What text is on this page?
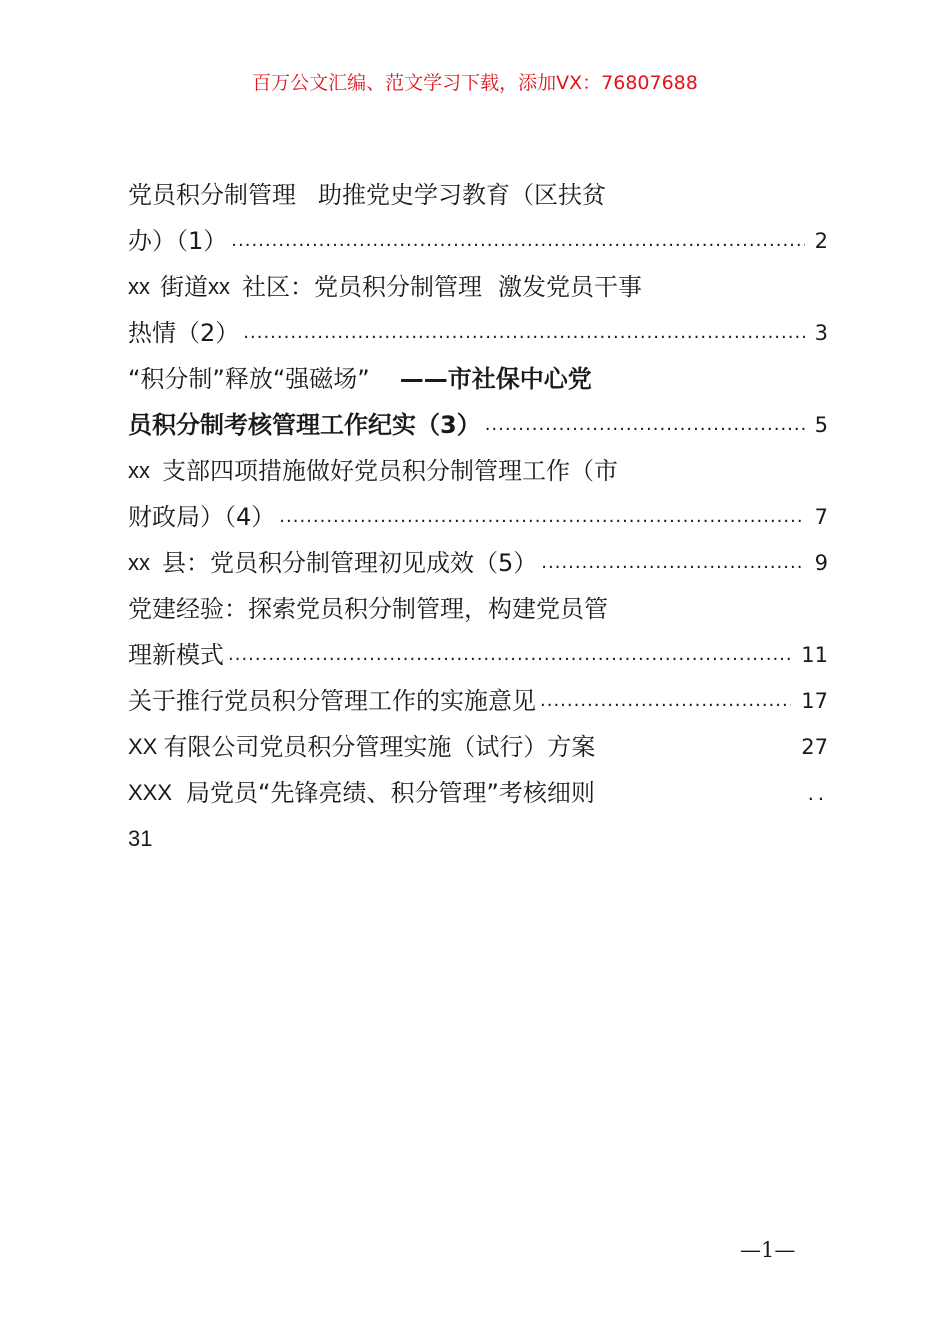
百万公文汇编、范文学习下载，添加VX：76807688
党员积分制管理 助推党史学习教育（区扶贫
办）（1） .....	2
xx 街道 xx 社区：党员积分制管理 激发党员干事
热情（2） .....	3
“积分制”释放“强磁场” ——市社保中心党
员积分制考核管理工作纪实（3） .....	5
xx 支部四项措施做好党员积分制管理工作（市
财政局）（4） .....	7
xx 县：党员积分制管理初见成效（5） .....	9
党建经验：探索党员积分制管理，构建党员管
理新模式 .....	11
关于推行党员积分管理工作的实施意见 .....	17
XX 有限公司党员积分管理实施（试行）方案	27
XXX 局党员“先锋亮绩、积分管理”考核细则	..
31
—1—
